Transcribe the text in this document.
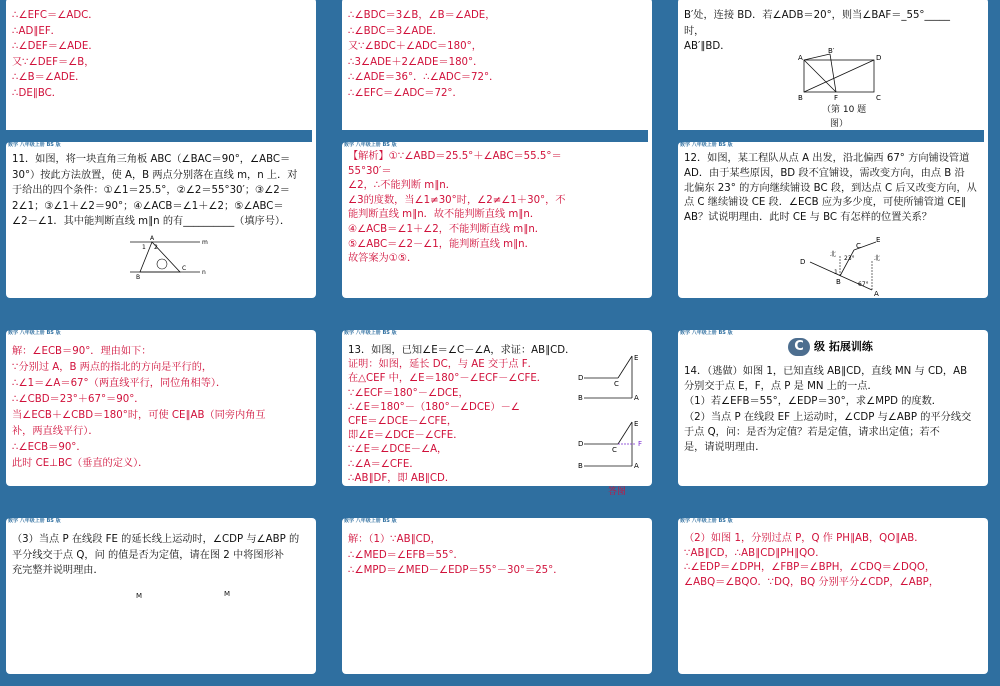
∴∠EFC＝∠ADC．
∴AD∥EF．
∴∠DEF＝∠ADE．
又∵∠DEF＝∠B，
∴∠B＝∠ADE．
∴DE∥BC．
∴∠BDC＝3∠B，∠B＝∠ADE，
∴∠BDC＝3∠ADE．
又∵∠BDC＋∠ADC＝180°，
∴3∠ADE＋2∠ADE＝180°．
∴∠ADE＝36°．∴∠ADC＝72°．
∴∠EFC＝∠ADC＝72°．
B′处，连接 BD．若∠ADB＝20°，则当∠BAF＝_55°_____
时，
AB′∥BD．
A
B′
D
B	F	C
（第 10 题
图）
数学 八年级上册 BS 版
11．如图，将一块直角三角板 ABC（∠BAC＝90°，∠ABC＝
30°）按此方法放置，使 A，B 两点分别落在直线 m，n 上．对
于给出的四个条件：①∠1＝25.5°，②∠2＝55°30′；③∠2＝
2∠1；③∠1＋∠2＝90°；④∠ACB＝∠1＋∠2；⑤∠ABC＝
∠2－∠1．其中能判断直线 m∥n 的有__________（填序号）．
m
n
2
1
A
B
C
数学 八年级上册 BS 版
【解析】①∵∠ABD＝25.5°＋∠ABC＝55.5°＝
55°30′＝
∠2，∴不能判断 m∥n．
∠3的度数，当∠1≠30°时，∠2≠∠1＋30°，不
能判断直线 m∥n．故不能判断直线 m∥n．
④∠ACB＝∠1＋∠2，不能判断直线 m∥n．
⑤∠ABC＝∠2－∠1，能判断直线 m∥n．
故答案为①⑤．
数学 八年级上册 BS 版
12．如图，某工程队从点 A 出发，沿北偏西 67° 方向铺设管道
AD．由于某些原因，BD 段不宜铺设，需改变方向，由点 B 沿
北偏东 23° 的方向继续铺设 BC 段，到达点 C 后又改变方向，从
点 C 继续铺设 CE 段．∠ECB 应为多少度，可使所铺管道 CE∥
AB？试说明理由．此时 CE 与 BC 有怎样的位置关系？
D
C
E
B
A
北
北
23°
67°
1
数学 八年级上册 BS 版
解：∠ECB＝90°．理由如下：
∵分别过 A，B 两点的指北的方向是平行的，
∴∠1＝∠A＝67°（两直线平行，同位角相等）．
∴∠CBD＝23°＋67°＝90°．
当∠ECB＋∠CBD＝180°时，可使 CE∥AB（同旁内角互
补，两直线平行）．
∴∠ECB＝90°．
此时 CE⊥BC（垂直的定义）．
数学 八年级上册 BS 版
13．如图，已知∠E＝∠C－∠A，求证：AB∥CD．
证明：如图，延长 DC，与 AE 交于点 F．
在△CEF 中，∠E＝180°－∠ECF－∠CFE．
∵∠ECF＝180°－∠DCE，
∴∠E＝180°－（180°－∠DCE）－∠
CFE＝∠DCE－∠CFE，
即∠E＝∠DCE－∠CFE．
∵∠E＝∠DCE－∠A，
∴∠A＝∠CFE．
∴AB∥DF，即 AB∥CD．
D
C
E
B	A
D
C
E
F
B	A
答图
数学 八年级上册 BS 版
C 级 拓展训练
14．（逃做）如图 1，已知直线 AB∥CD，直线 MN 与 CD，AB
分别交于点 E，F，点 P 是 MN 上的一点．
（1）若∠EFB＝55°，∠EDP＝30°，求∠MPD 的度数．
（2）当点 P 在线段 EF 上运动时，∠CDP 与∠ABP 的平分线交
于点 Q，问：是否为定值？若是定值，请求出定值；若不
是，请说明理由．
数学 八年级上册 BS 版
（3）当点 P 在线段 FE 的延长线上运动时，∠CDP 与∠ABP 的
平分线交于点 Q，问 的值是否为定值，请在图 2 中将图形补
充完整并说明理由．
M	M
数学 八年级上册 BS 版
解：（1）∵AB∥CD，
∴∠MED＝∠EFB＝55°．
∴∠MPD＝∠MED－∠EDP＝55°－30°＝25°．
数学 八年级上册 BS 版
（2）如图 1，分别过点 P，Q 作 PH∥AB，QO∥AB．
∵AB∥CD，∴AB∥CD∥PH∥QO．
∴∠EDP＝∠DPH，∠FBP＝∠BPH，∠CDQ＝∠DQO，
∠ABQ＝∠BQO．∵DQ，BQ 分别平分∠CDP，∠ABP，
